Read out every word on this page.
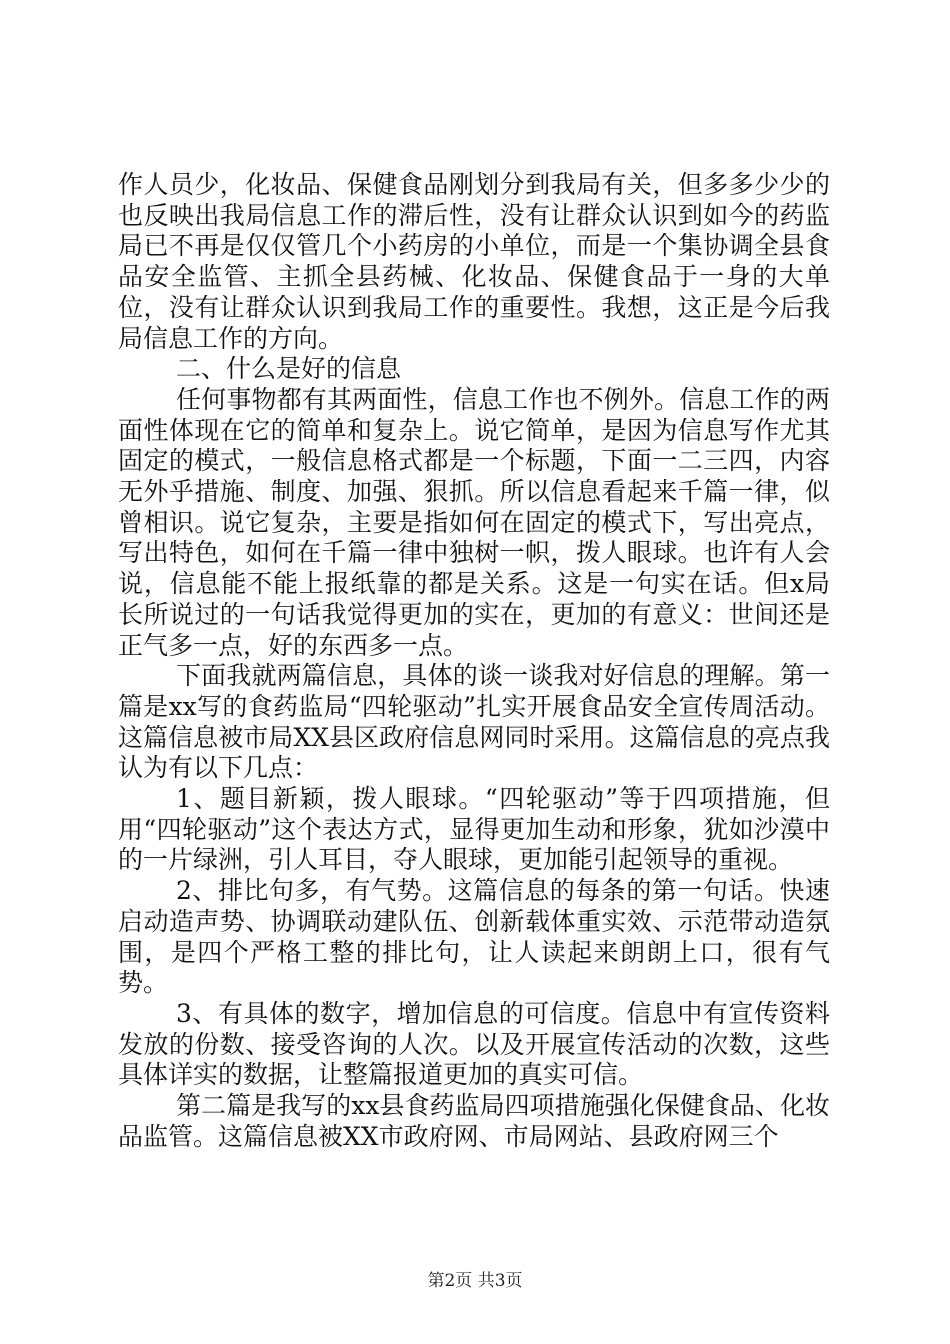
作人员少，化妆品、保健食品刚划分到我局有关，但多多少少的也反映出我局信息工作的滞后性，没有让群众认识到如今的药监局已不再是仅仅管几个小药房的小单位，而是一个集协调全县食品安全监管、主抓全县药械、化妆品、保健食品于一身的大单位，没有让群众认识到我局工作的重要性。我想，这正是今后我局信息工作的方向。

二、什么是好的信息

任何事物都有其两面性，信息工作也不例外。信息工作的两面性体现在它的简单和复杂上。说它简单，是因为信息写作尤其固定的模式，一般信息格式都是一个标题，下面一二三四，内容无外乎措施、制度、加强、狠抓。所以信息看起来千篇一律，似曾相识。说它复杂，主要是指如何在固定的模式下，写出亮点，写出特色，如何在千篇一律中独树一帜，拨人眼球。也许有人会说，信息能不能上报纸靠的都是关系。这是一句实在话。但x局长所说过的一句话我觉得更加的实在，更加的有意义：世间还是正气多一点，好的东西多一点。

下面我就两篇信息，具体的谈一谈我对好信息的理解。第一篇是xx写的食药监局“四轮驱动”扎实开展食品安全宣传周活动。这篇信息被市局XX县区政府信息网同时采用。这篇信息的亮点我认为有以下几点：

1、题目新颖，拨人眼球。“四轮驱动”等于四项措施，但用“四轮驱动”这个表达方式，显得更加生动和形象，犹如沙漠中的一片绿洲，引人耳目，夺人眼球，更加能引起领导的重视。

2、排比句多，有气势。这篇信息的每条的第一句话。快速启动造声势、协调联动建队伍、创新载体重实效、示范带动造氛围，是四个严格工整的排比句，让人读起来朗朗上口，很有气势。

3、有具体的数字，增加信息的可信度。信息中有宣传资料发放的份数、接受咨询的人次。以及开展宣传活动的次数，这些具体详实的数据，让整篇报道更加的真实可信。

第二篇是我写的xx县食药监局四项措施强化保健食品、化妆品监管。这篇信息被XX市政府网、市局网站、县政府网三个

第2页 共3页
